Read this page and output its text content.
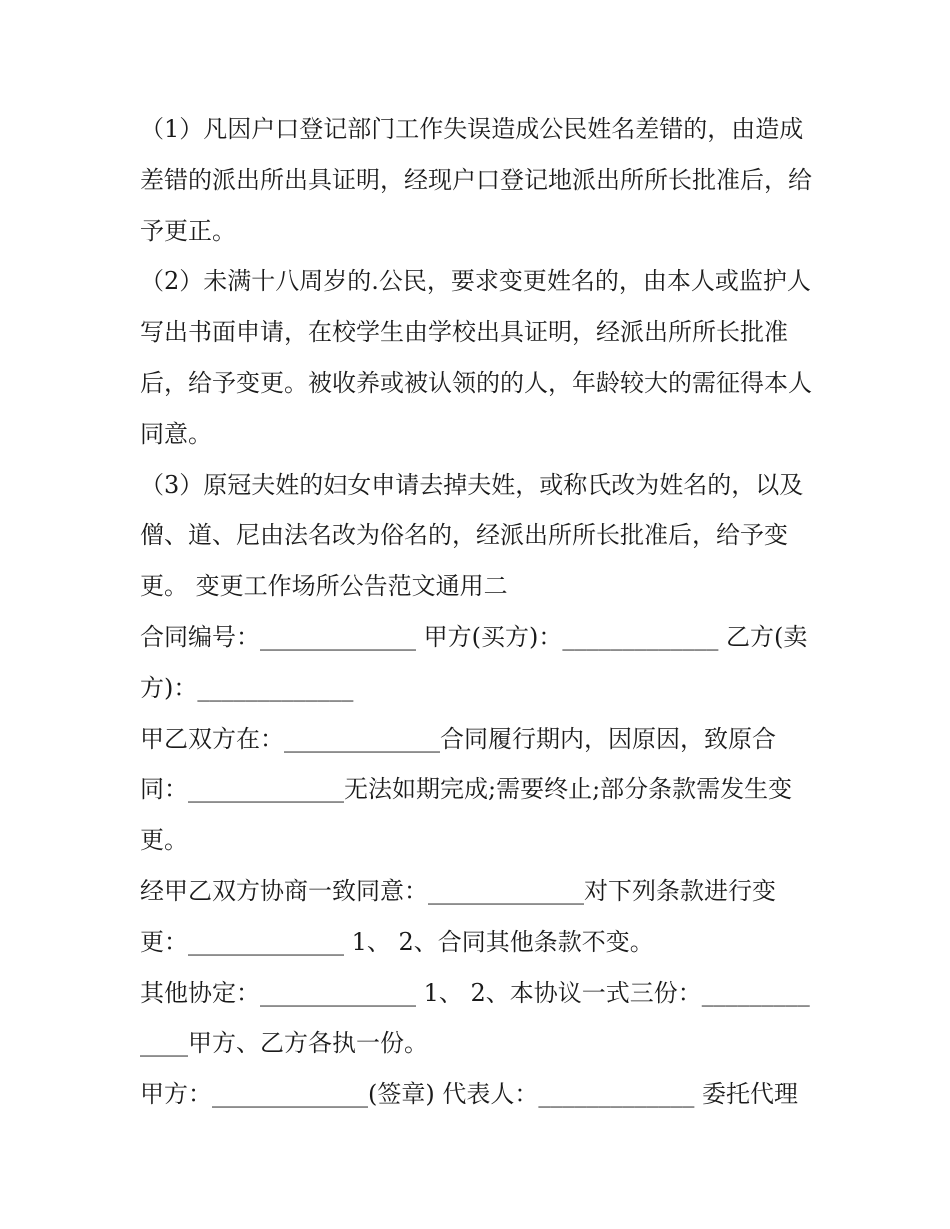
（1）凡因户口登记部门工作失误造成公民姓名差错的，由造成差错的派出所出具证明，经现户口登记地派出所所长批准后，给予更正。

（2）未满十八周岁的.公民，要求变更姓名的，由本人或监护人写出书面申请，在校学生由学校出具证明，经派出所所长批准后，给予变更。被收养或被认领的的人，年龄较大的需征得本人同意。

（3）原冠夫姓的妇女申请去掉夫姓，或称氏改为姓名的，以及僧、道、尼由法名改为俗名的，经派出所所长批准后，给予变更。 变更工作场所公告范文通用二

合同编号：_____________ 甲方(买方)：_____________ 乙方(卖方)：_____________

甲乙双方在：_____________合同履行期内，因原因，致原合同：_____________无法如期完成;需要终止;部分条款需发生变更。

经甲乙双方协商一致同意：_____________对下列条款进行变更：_____________ 1、 2、合同其他条款不变。

其他协定：_____________ 1、 2、本协议一式三份：_____________甲方、乙方各执一份。

甲方：_____________(签章) 代表人：_____________ 委托代理
